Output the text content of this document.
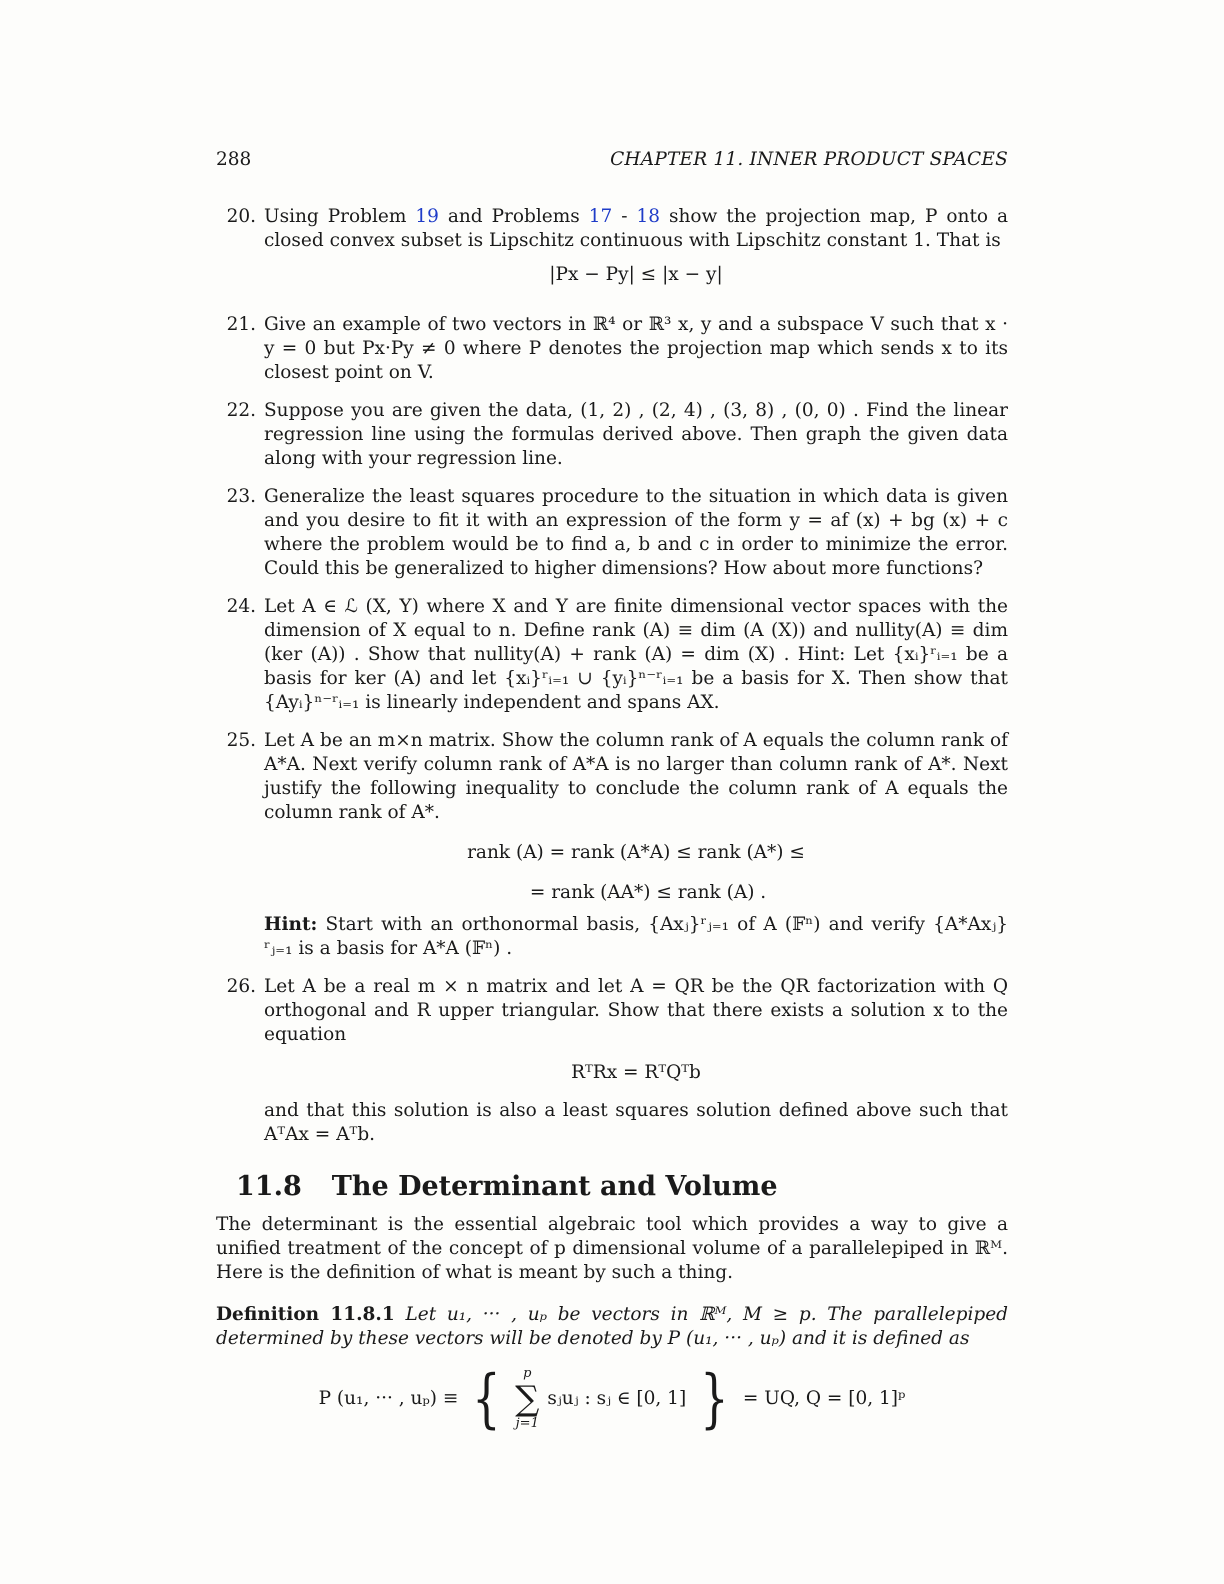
288	CHAPTER 11. INNER PRODUCT SPACES
20. Using Problem 19 and Problems 17 - 18 show the projection map, P onto a closed convex subset is Lipschitz continuous with Lipschitz constant 1. That is
|Px − Py| ≤ |x − y|
21. Give an example of two vectors in ℝ⁴ or ℝ³ x, y and a subspace V such that x · y = 0 but Px·Py ≠ 0 where P denotes the projection map which sends x to its closest point on V.
22. Suppose you are given the data, (1, 2) , (2, 4) , (3, 8) , (0, 0) . Find the linear regression line using the formulas derived above. Then graph the given data along with your regression line.
23. Generalize the least squares procedure to the situation in which data is given and you desire to fit it with an expression of the form y = af (x) + bg (x) + c where the problem would be to find a, b and c in order to minimize the error. Could this be generalized to higher dimensions? How about more functions?
24. Let A ∈ ℒ (X, Y) where X and Y are finite dimensional vector spaces with the dimension of X equal to n. Define rank (A) ≡ dim (A (X)) and nullity(A) ≡ dim (ker (A)) . Show that nullity(A) + rank (A) = dim (X) . Hint: Let {xᵢ}ʳᵢ₌₁ be a basis for ker (A) and let {xᵢ}ʳᵢ₌₁ ∪ {yᵢ}ⁿ⁻ʳᵢ₌₁ be a basis for X. Then show that {Ayᵢ}ⁿ⁻ʳᵢ₌₁ is linearly independent and spans AX.
25. Let A be an m×n matrix. Show the column rank of A equals the column rank of A*A. Next verify column rank of A*A is no larger than column rank of A*. Next justify the following inequality to conclude the column rank of A equals the column rank of A*.
rank (A) = rank (A*A) ≤ rank (A*) ≤
= rank (AA*) ≤ rank (A) .
Hint: Start with an orthonormal basis, {Axⱼ}ʳⱼ₌₁ of A (𝔽ⁿ) and verify {A*Axⱼ}ʳⱼ₌₁ is a basis for A*A (𝔽ⁿ) .
26. Let A be a real m × n matrix and let A = QR be the QR factorization with Q orthogonal and R upper triangular. Show that there exists a solution x to the equation
RᵀRx = RᵀQᵀb
and that this solution is also a least squares solution defined above such that AᵀAx = Aᵀb.
11.8 The Determinant and Volume
The determinant is the essential algebraic tool which provides a way to give a unified treatment of the concept of p dimensional volume of a parallelepiped in ℝᴹ. Here is the definition of what is meant by such a thing.
Definition 11.8.1 Let u₁, ··· , uₚ be vectors in ℝᴹ, M ≥ p. The parallelepiped determined by these vectors will be denoted by P (u₁, ··· , uₚ) and it is defined as
P (u₁, ··· , uₚ) ≡ { p
∑
j=1
sⱼuⱼ : sⱼ ∈ [0, 1] } = UQ, Q = [0, 1]ᵖ
